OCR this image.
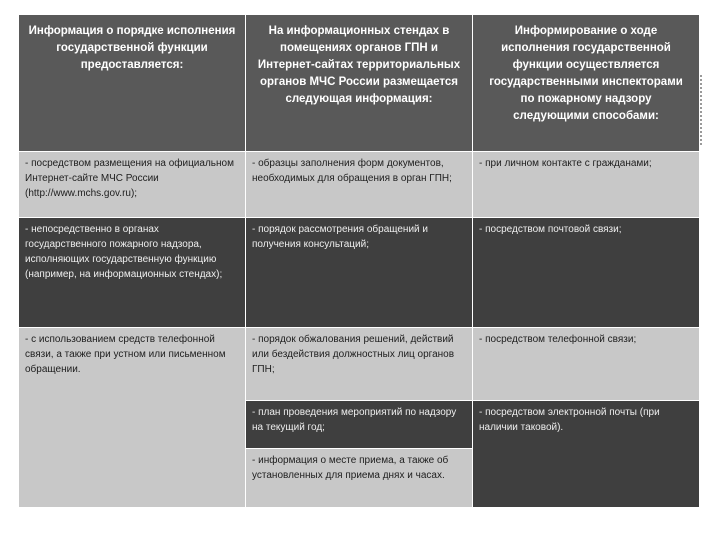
Информация о порядке исполнения государственной функции предоставляется:
На информационных стендах в помещениях органов ГПН и Интернет-сайтах территориальных органов МЧС России размещается следующая информация:
Информирование о ходе исполнения государственной функции осуществляется государственными инспекторами по пожарному надзору следующими способами:
- посредством размещения на официальном Интернет-сайте МЧС России (http://www.mchs.gov.ru);
- образцы заполнения форм документов, необходимых для обращения в орган ГПН;
- при личном контакте с гражданами;
- непосредственно в органах государственного пожарного надзора, исполняющих государственную функцию (например, на информационных стендах);
- порядок рассмотрения обращений и получения консультаций;
- посредством почтовой связи;
- с использованием средств телефонной связи, а также при устном или письменном обращении.
- порядок обжалования решений, действий или бездействия должностных лиц органов ГПН;
- посредством телефонной связи;
- план проведения мероприятий по надзору на текущий год;
- посредством электронной почты (при наличии таковой).
- информация о месте приема, а также об установленных для приема днях и часах.
